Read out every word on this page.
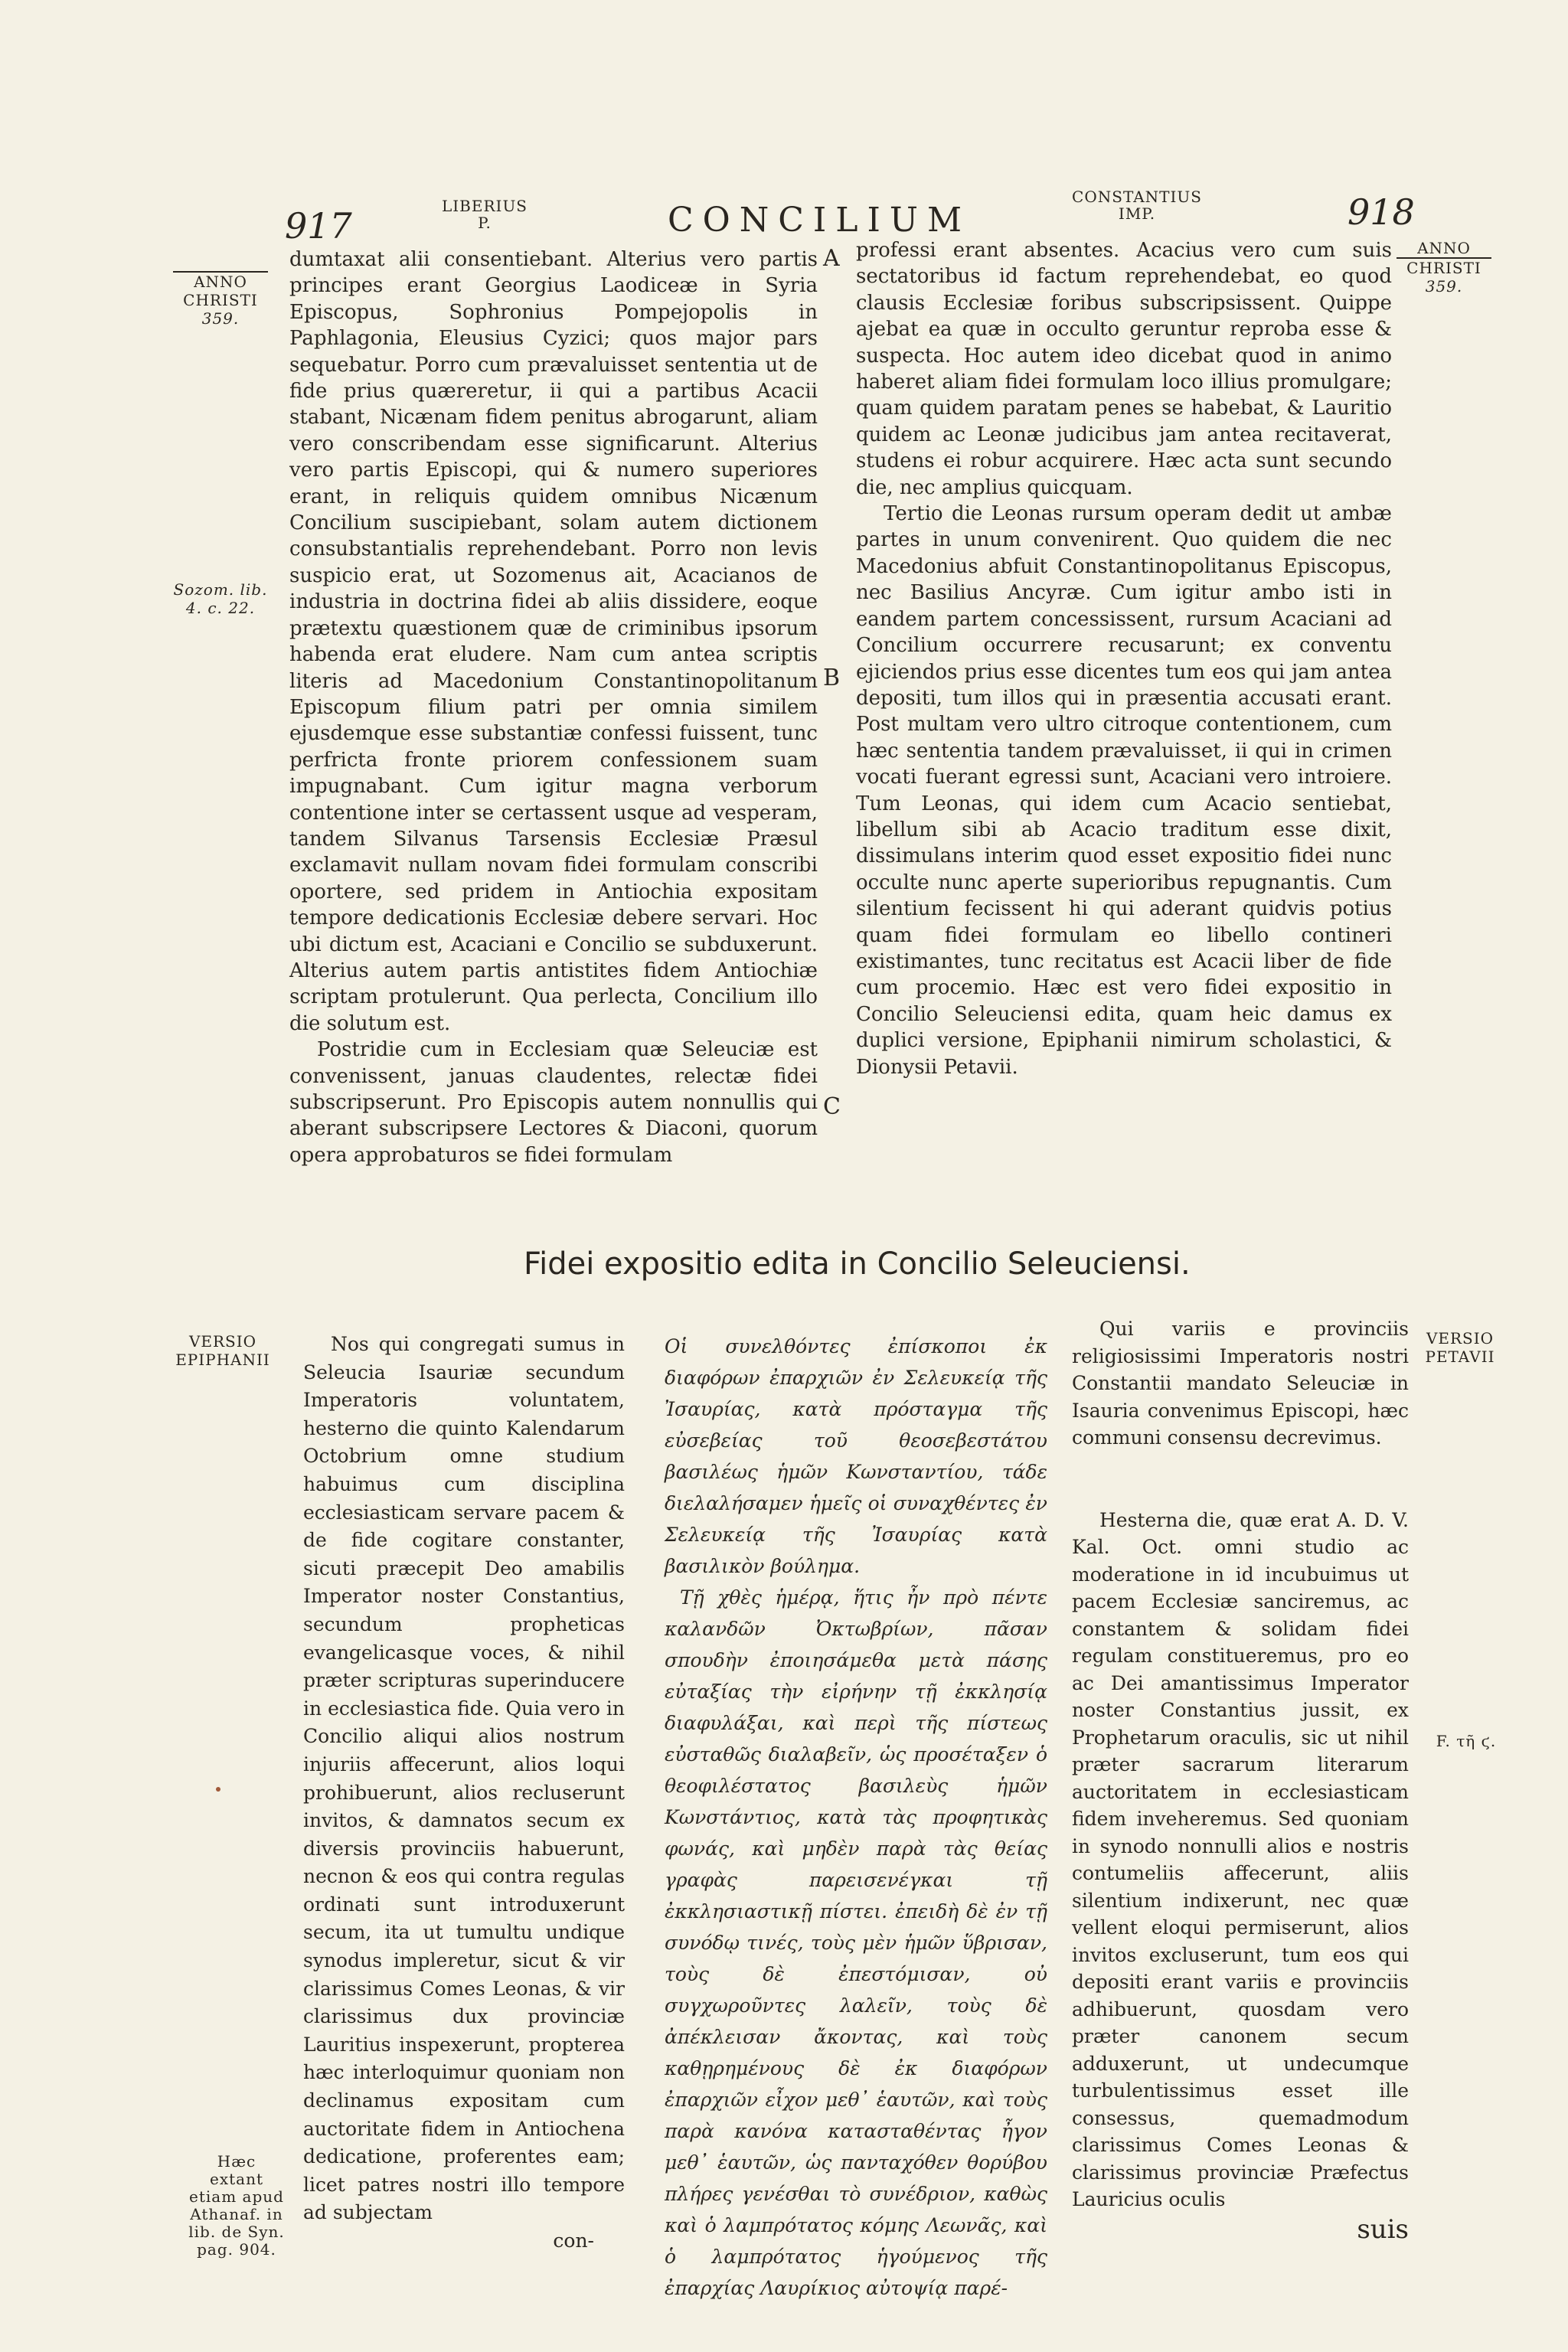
917	LIBERIUS
P.	CONCILIUM
CONSTANTIUS
IMP.	918
ANNO
CHRISTI
359.
ANNO
CHRISTI
359.
Sozom. lib.
4. c. 22.
VERSIO
EPIPHANII
VERSIO
PETAVII
Hæc extant
etiam apud
Athanaf. in
lib. de Syn.
pag. 904.
F. τῆ ϛ.
A
B
C

dumtaxat alii consentiebant. Alterius vero partis principes erant Georgius Laodiceæ in Syria Episcopus, Sophronius Pompejopolis in Paphlagonia, Eleusius Cyzici; quos major pars sequebatur. Porro cum prævaluisset sententia ut de fide prius quæreretur, ii qui a partibus Acacii stabant, Nicænam fidem penitus abrogarunt, aliam vero conscribendam esse significarunt. Alterius vero partis Episcopi, qui & numero superiores erant, in reliquis quidem omnibus Nicænum Concilium suscipiebant, solam autem dictionem consubstantialis reprehendebant. Porro non levis suspicio erat, ut Sozomenus ait, Acacianos de industria in doctrina fidei ab aliis dissidere, eoque prætextu quæstionem quæ de criminibus ipsorum habenda erat eludere. Nam cum antea scriptis literis ad Macedonium Constantinopolitanum Episcopum filium patri per omnia similem ejusdemque esse substantiæ confessi fuissent, tunc perfricta fronte priorem confessionem suam impugnabant. Cum igitur magna verborum contentione inter se certassent usque ad vesperam, tandem Silvanus Tarsensis Ecclesiæ Præsul exclamavit nullam novam fidei formulam conscribi oportere, sed pridem in Antiochia expositam tempore dedicationis Ecclesiæ debere servari. Hoc ubi dictum est, Acaciani e Concilio se subduxerunt. Alterius autem partis antistites fidem Antiochiæ scriptam protulerunt. Qua perlecta, Concilium illo die solutum est.

Postridie cum in Ecclesiam quæ Seleuciæ est convenissent, januas claudentes, relectæ fidei subscripserunt. Pro Episcopis autem nonnullis qui aberant subscripsere Lectores & Diaconi, quorum opera approbaturos se fidei formulam

professi erant absentes. Acacius vero cum suis sectatoribus id factum reprehendebat, eo quod clausis Ecclesiæ foribus subscripsissent. Quippe ajebat ea quæ in occulto geruntur reproba esse & suspecta. Hoc autem ideo dicebat quod in animo haberet aliam fidei formulam loco illius promulgare; quam quidem paratam penes se habebat, & Lauritio quidem ac Leonæ judicibus jam antea recitaverat, studens ei robur acquirere. Hæc acta sunt secundo die, nec amplius quicquam.

Tertio die Leonas rursum operam dedit ut ambæ partes in unum convenirent. Quo quidem die nec Macedonius abfuit Constantinopolitanus Episcopus, nec Basilius Ancyræ. Cum igitur ambo isti in eandem partem concessissent, rursum Acaciani ad Concilium occurrere recusarunt; ex conventu ejiciendos prius esse dicentes tum eos qui jam antea depositi, tum illos qui in præsentia accusati erant. Post multam vero ultro citroque contentionem, cum hæc sententia tandem prævaluisset, ii qui in crimen vocati fuerant egressi sunt, Acaciani vero introiere. Tum Leonas, qui idem cum Acacio sentiebat, libellum sibi ab Acacio traditum esse dixit, dissimulans interim quod esset expositio fidei nunc occulte nunc aperte superioribus repugnantis. Cum silentium fecissent hi qui aderant quidvis potius quam fidei formulam eo libello contineri existimantes, tunc recitatus est Acacii liber de fide cum procemio. Hæc est vero fidei expositio in Concilio Seleuciensi edita, quam heic damus ex duplici versione, Epiphanii nimirum scholastici, & Dionysii Petavii.

Fidei expositio edita in Concilio Seleuciensi.

Nos qui congregati sumus in Seleucia Isauriæ secundum Imperatoris voluntatem, hesterno die quinto Kalendarum Octobrium omne studium habuimus cum disciplina ecclesiasticam servare pacem & de fide cogitare constanter, sicuti præcepit Deo amabilis Imperator noster Constantius, secundum propheticas evangelicasque voces, & nihil præter scripturas superinducere in ecclesiastica fide. Quia vero in Concilio aliqui alios nostrum injuriis affecerunt, alios loqui prohibuerunt, alios recluserunt invitos, & damnatos secum ex diversis provinciis habuerunt, necnon & eos qui contra regulas ordinati sunt introduxerunt secum, ita ut tumultu undique synodus impleretur, sicut & vir clarissimus Comes Leonas, & vir clarissimus dux provinciæ Lauritius inspexerunt, propterea hæc interloquimur quoniam non declinamus expositam cum auctoritate fidem in Antiochena dedicatione, proferentes eam; licet patres nostri illo tempore ad subjectam

con-

Οἱ συνελθόντες ἐπίσκοποι ἐκ διαφόρων ἐπαρχιῶν ἐν Σελευκείᾳ τῆς Ἰσαυρίας, κατὰ πρόσταγμα τῆς εὐσεβείας τοῦ θεοσεβεστάτου βασιλέως ἡμῶν Κωνσταντίου, τάδε διελαλήσαμεν ἡμεῖς οἱ συναχθέντες ἐν Σελευκείᾳ τῆς Ἰσαυρίας κατὰ βασιλικὸν βούλημα.

Τῇ χθὲς ἡμέρᾳ, ἥτις ἦν πρὸ πέντε καλανδῶν Ὀκτωβρίων, πᾶσαν σπουδὴν ἐποιησάμεθα μετὰ πάσης εὐταξίας τὴν εἰρήνην τῇ ἐκκλησίᾳ διαφυλάξαι, καὶ περὶ τῆς πίστεως εὐσταθῶς διαλαβεῖν, ὡς προσέταξεν ὁ θεοφιλέστατος βασιλεὺς ἡμῶν Κωνστάντιος, κατὰ τὰς προφητικὰς φωνάς, καὶ μηδὲν παρὰ τὰς θείας γραφὰς παρεισενέγκαι τῇ ἐκκλησιαστικῇ πίστει. ἐπειδὴ δὲ ἐν τῇ συνόδῳ τινές, τοὺς μὲν ἡμῶν ὕβρισαν, τοὺς δὲ ἐπεστόμισαν, οὐ συγχωροῦντες λαλεῖν, τοὺς δὲ ἀπέκλεισαν ἄκοντας, καὶ τοὺς καθῃρημένους δὲ ἐκ διαφόρων ἐπαρχιῶν εἶχον μεθ᾽ ἑαυτῶν, καὶ τοὺς παρὰ κανόνα κατασταθέντας ἦγον μεθ᾽ ἑαυτῶν, ὡς πανταχόθεν θορύβου πλήρες γενέσθαι τὸ συνέδριον, καθὼς καὶ ὁ λαμπρότατος κόμης Λεωνᾶς, καὶ ὁ λαμπρότατος ἡγούμενος τῆς ἐπαρχίας Λαυρίκιος αὐτοψίᾳ παρέ-

Qui variis e provinciis religiosissimi Imperatoris nostri Constantii mandato Seleuciæ in Isauria convenimus Episcopi, hæc communi consensu decrevimus.

Hesterna die, quæ erat A. D. V. Kal. Oct. omni studio ac moderatione in id incubuimus ut pacem Ecclesiæ sanciremus, ac constantem & solidam fidei regulam constitueremus, pro eo ac Dei amantissimus Imperator noster Constantius jussit, ex Prophetarum oraculis, sic ut nihil præter sacrarum literarum auctoritatem in ecclesiasticam fidem inveheremus. Sed quoniam in synodo nonnulli alios e nostris contumeliis affecerunt, aliis silentium indixerunt, nec quæ vellent eloqui permiserunt, alios invitos excluserunt, tum eos qui depositi erant variis e provinciis adhibuerunt, quosdam vero præter canonem secum adduxerunt, ut undecumque turbulentissimus esset ille consessus, quemadmodum clarissimus Comes Leonas & clarissimus provinciæ Præfectus Lauricius oculis

suis
